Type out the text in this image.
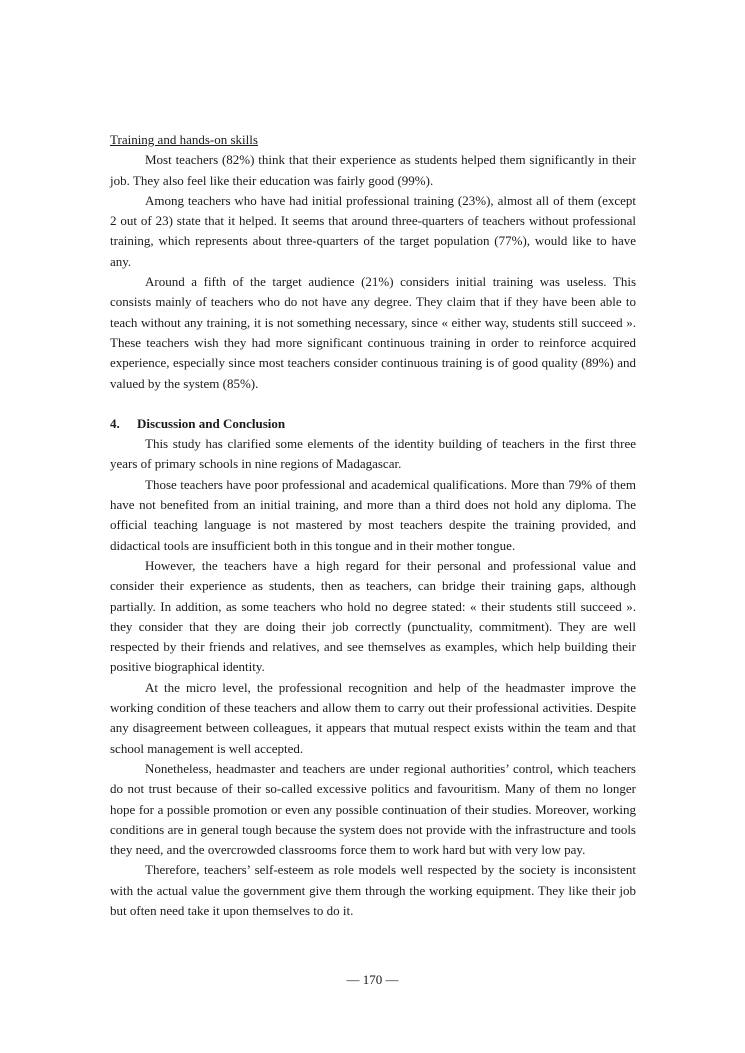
Training and hands-on skills

Most teachers (82%) think that their experience as students helped them significantly in their job. They also feel like their education was fairly good (99%).

Among teachers who have had initial professional training (23%), almost all of them (except 2 out of 23) state that it helped. It seems that around three-quarters of teachers without professional training, which represents about three-quarters of the target population (77%), would like to have any.

Around a fifth of the target audience (21%) considers initial training was useless. This consists mainly of teachers who do not have any degree. They claim that if they have been able to teach without any training, it is not something necessary, since « either way, students still succeed ». These teachers wish they had more significant continuous training in order to reinforce acquired experience, especially since most teachers consider continuous training is of good quality (89%) and valued by the system (85%).

4. Discussion and Conclusion

This study has clarified some elements of the identity building of teachers in the first three years of primary schools in nine regions of Madagascar.

Those teachers have poor professional and academical qualifications. More than 79% of them have not benefited from an initial training, and more than a third does not hold any diploma. The official teaching language is not mastered by most teachers despite the training provided, and didactical tools are insufficient both in this tongue and in their mother tongue.

However, the teachers have a high regard for their personal and professional value and consider their experience as students, then as teachers, can bridge their training gaps, although partially. In addition, as some teachers who hold no degree stated: « their students still succeed ». they consider that they are doing their job correctly (punctuality, commitment). They are well respected by their friends and relatives, and see themselves as examples, which help building their positive biographical identity.

At the micro level, the professional recognition and help of the headmaster improve the working condition of these teachers and allow them to carry out their professional activities. Despite any disagreement between colleagues, it appears that mutual respect exists within the team and that school management is well accepted.

Nonetheless, headmaster and teachers are under regional authorities’ control, which teachers do not trust because of their so-called excessive politics and favouritism. Many of them no longer hope for a possible promotion or even any possible continuation of their studies. Moreover, working conditions are in general tough because the system does not provide with the infrastructure and tools they need, and the overcrowded classrooms force them to work hard but with very low pay.

Therefore, teachers’ self-esteem as role models well respected by the society is inconsistent with the actual value the government give them through the working equipment. They like their job but often need take it upon themselves to do it.

― 170 ―
